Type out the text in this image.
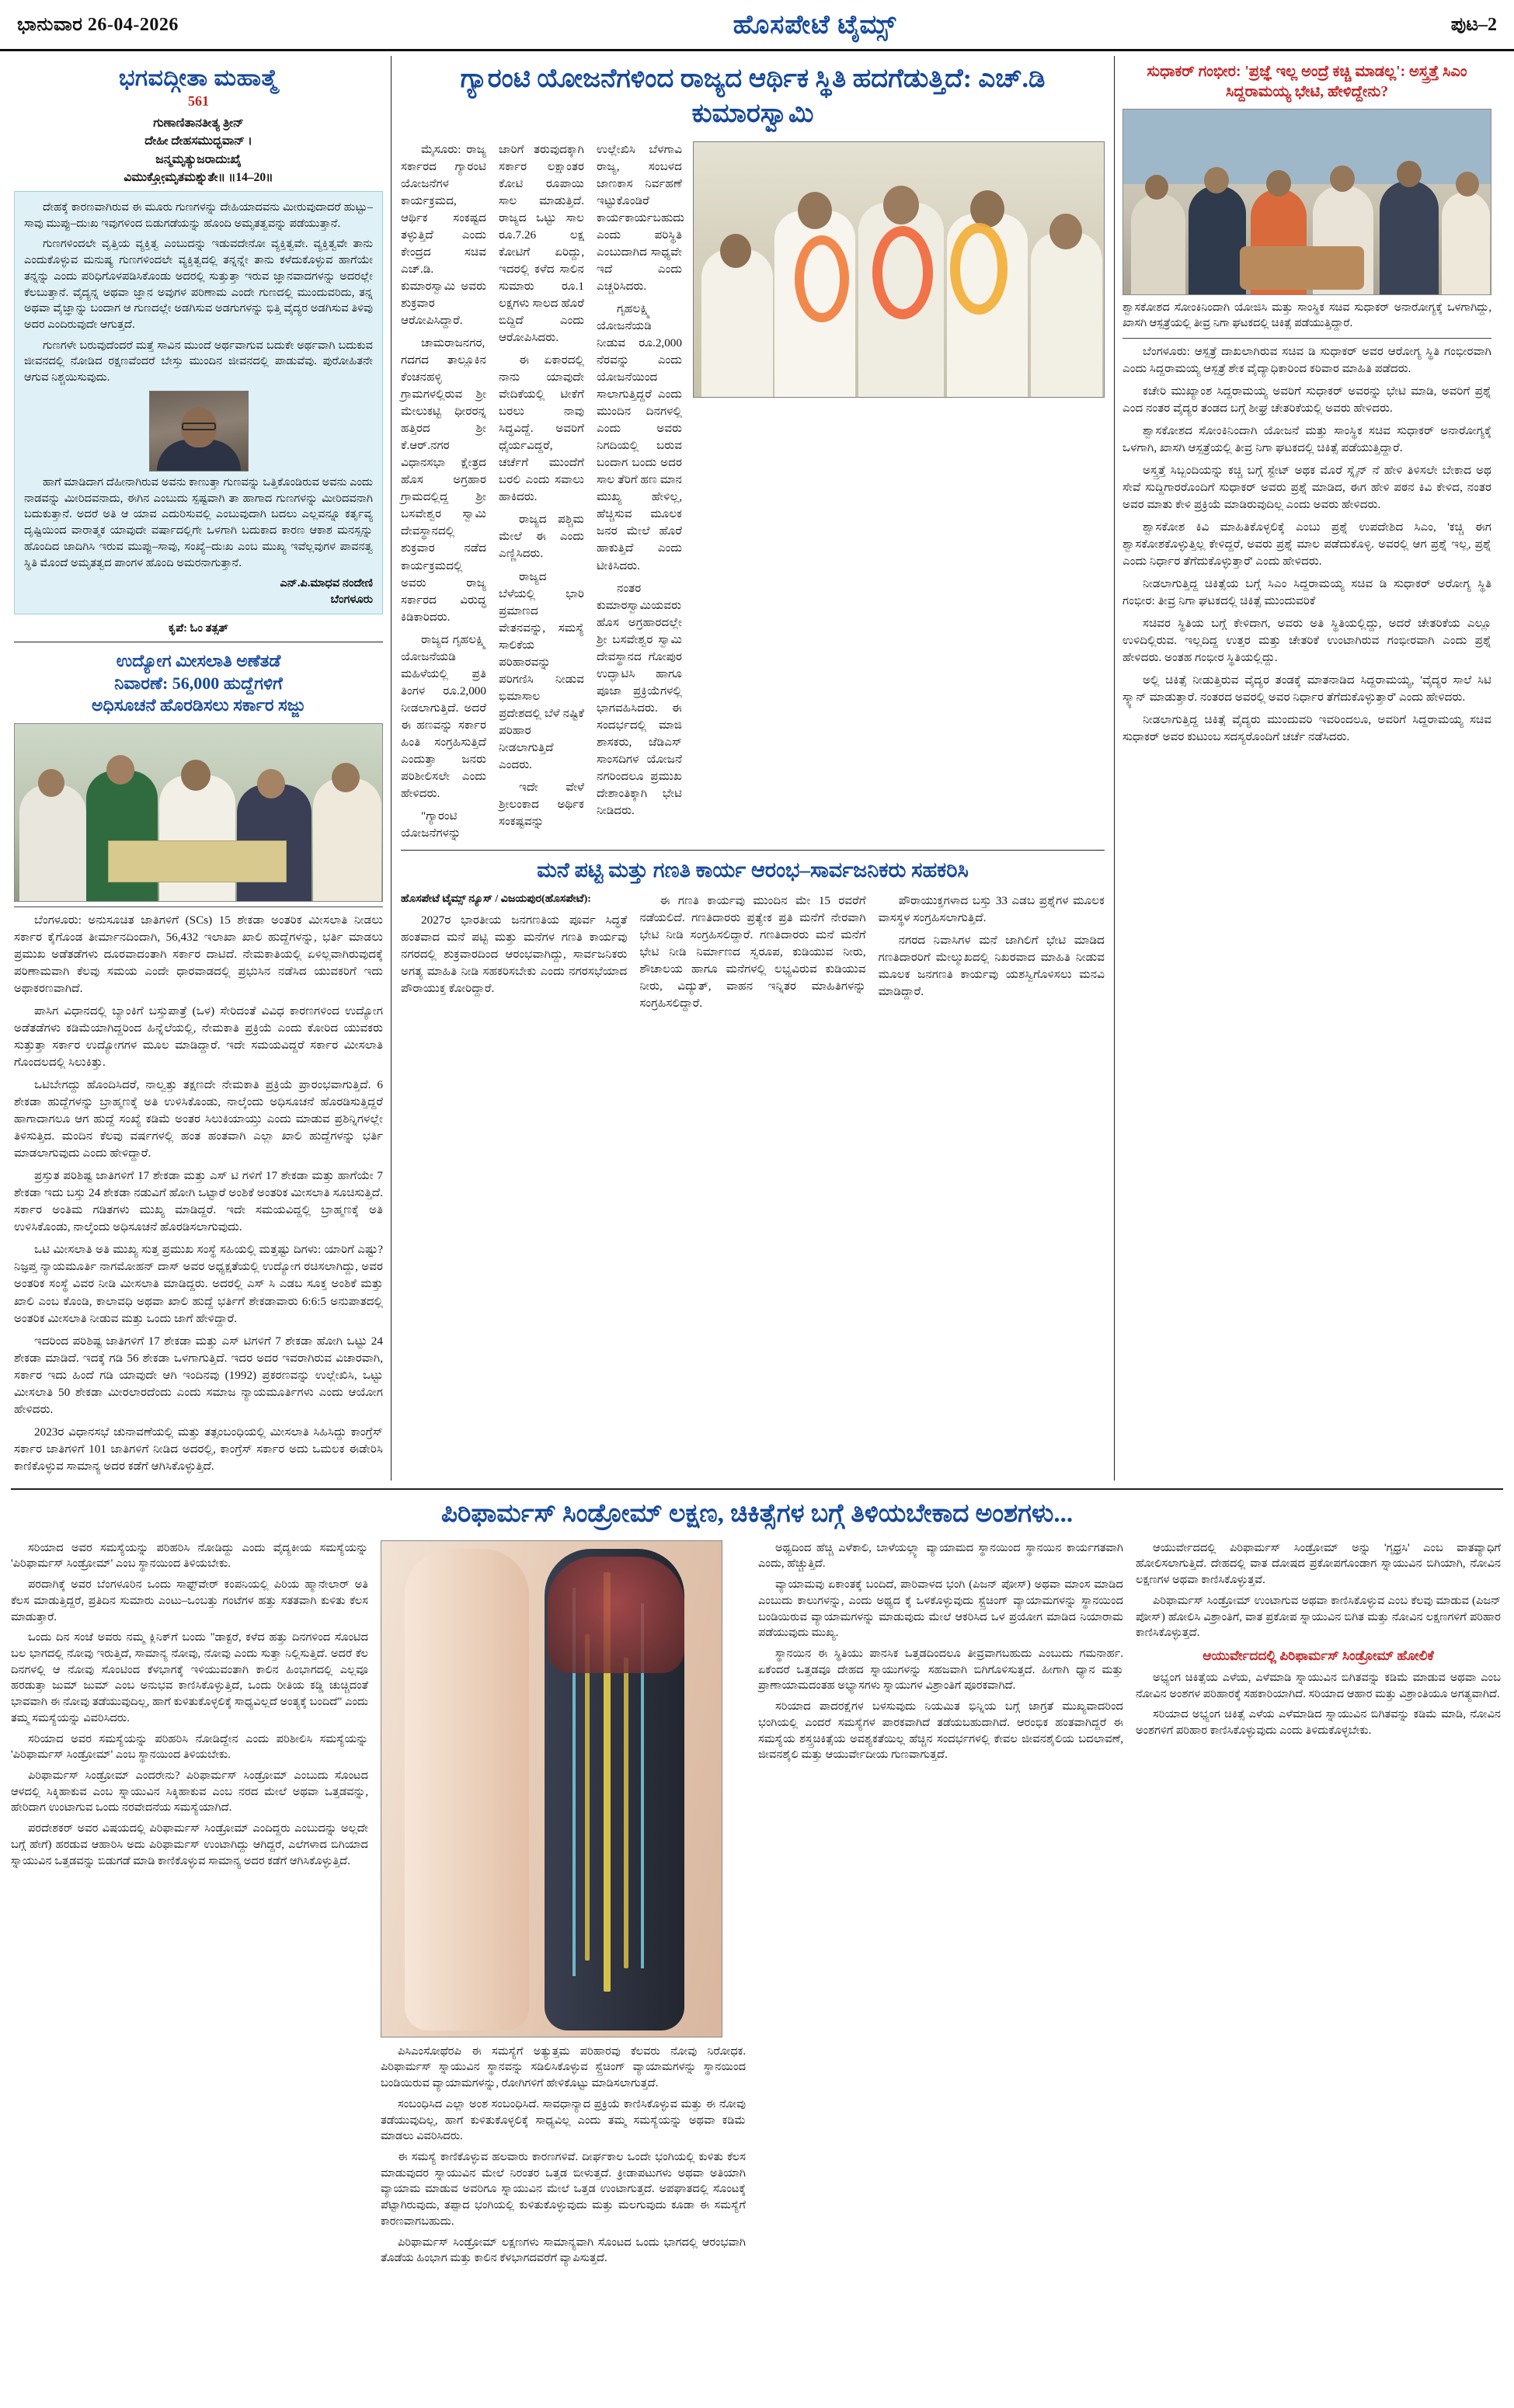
ಭಾನುವಾರ 26-04-2026	ಹೊಸಪೇಟೆ ಟೈಮ್ಸ್	ಪುಟ–2
ಭಗವದ್ಗೀತಾ ಮಹಾತ್ಮೆ
561
ಗುಣಾಣಿತಾನತೀತ್ಯ ತ್ರೀನ್
ದೇಹೀ ದೇಹಸಮುದ್ಭವಾನ್ ।
ಜನ್ಮಮೃತ್ಯುಜರಾದುಃಖೈ
ವಿಮುಕ್ತೋ಼ಮೃತಮಶ್ನುತೇ॥ ॥14–20॥

ದೇಹಕ್ಕೆ ಕಾರಣವಾಗಿರುವ ಈ ಮೂರು ಗುಣಗಳನ್ನು ದೇಹಿಯಾದವನು ಮೀರುವುದಾದರೆ ಹುಟ್ಟು– ಸಾವು ಮುಪ್ಪು–ದುಃಖ ಇವುಗಳಿಂದ ಬಿಡುಗಡೆಯನ್ನು ಹೊಂದಿ ಅಮೃತತ್ವವನ್ನು ಪಡೆಯುತ್ತಾನೆ.

ಗುಣಗಳಿಂದಲೇ ವೃತ್ತಿಯ ವ್ಯಕ್ತಿತ್ವ ಎಂಬುದನ್ನು ಇಡುವದೇನೋ ವ್ಯಕ್ತಿತ್ವವೇ. ವ್ಯಕ್ತಿತ್ವವೇ ತಾನು ಎಂದುಕೊಳ್ಳುವ ಮನುಷ್ಯ ಗುಣಗಳಿಂದಲೇ ವ್ಯಕ್ತಿತ್ವದಲ್ಲಿ ತನ್ನನ್ನೇ ತಾನು ಕಳೆದುಕೊಳ್ಳುವ ಹಾಗೆಯೇ ತನ್ನನ್ನು ಎಂದು ಪರಿಧಿಗೊಳಪಡಿಸಿಕೊಂಡು ಅದರಲ್ಲಿ ಸುತ್ತುತ್ತಾ ಇರುವ ಜ್ಞಾನವಾದಗಳನ್ನು ಅದರಲ್ಲೇ ಕೆಲಬುತ್ತಾನೆ. ವೈದ್ಯನ್ನ ಅಥವಾ ಜ್ಞಾನ ಅವುಗಳ ಪರಿಣಾಮ ಎಂದೇ ಗುಣದಲ್ಲಿ ಮುಂದುವರಿದು, ತನ್ನ ಅಥವಾ ವೈಜ್ಞಾನ್ನು ಬಂದಾಗ ಆ ಗುಣದಲ್ಲೇ ಅಡಗಿಸುವ ಅಡಗುಗಳನ್ನು ಭಿತ್ತಿ ವೈದ್ಯರ ಅಡಗಿಸುವ ತಿಳಿವು ಅದರ ಎಂದಿರುವುದೇ ಆಗುತ್ತದೆ.

ಗುಣಗಳೇ ಬರುವುದೆಂದರೆ ಮತ್ತೆ ಸಾವಿನ ಮುಂದೆ ಅರ್ಥವಾಗುವ ಬದುಕೇ ಅರ್ಥವಾಗಿ ಬದುಕುವ ಜೀವನದಲ್ಲಿ ನೋಡಿದ ರಕ್ಷಣವೆಂದರೆ ಬೇಸ್ತು ಮುಂದಿನ ಜೀವನದಲ್ಲಿ ಪಾಡುವೆವು. ಪುರೋಹಿತನೇ ಆಗುವ ನಿಶ್ಚಯಿಸುವುದು.

ಹಾಗೆ ಮಾಡಿದಾಗ ದೆಹೀನಾಗಿರುವ ಅವನು ಕಾಣುತ್ತಾ ಗುಣವನ್ನು ಒತ್ತಿಕೊಂಡಿರುವ ಅವನು ಎಂದು ನಾಡವನ್ನು ಮೀರಿದವನಾದು, ಈಗಿನ ಎಂಬುದು ಸ್ಪಷ್ಟವಾಗಿ ತಾ ಹಾಗಾದ ಗುಣಗಳನ್ನು ಮೀರಿದವನಾಗಿ ಬದುಕುತ್ತಾನೆ. ಅದರೆ ಅತಿ ಆ ಯಾವ ಎದುರಿಸುವಲ್ಲಿ ಎಂಬುವುದಾಗಿ ಬದಲು ಎಲ್ಲವನ್ನೂ ಕರ್ತೃವ್ಯ ದೃಷ್ಟಿಯಿಂದ ವಾರಾತ್ಮಕ ಯಾವುದೇ ವರ್ಷಾದಲ್ಲಿಗೇ ಒಳಗಾಗಿ ಬದುಕಾದ ಕಾರಣ ಆಕಾಶ ಮನಸ್ಸನ್ನು ಹೊಂದಿದ ಜಾದಿಗಿಸಿ ಇರುವ ಮುಪ್ಪು–ಸಾವು, ಸಂಖ್ಯೆ–ದುಃಖ ಎಂಬ ಮುಖ್ಯ ಇವೆಲ್ಲವುಗಳ ಪಾವನತ್ವ ಸ್ಥಿತಿ ಮೊಂದೆ ಅಮೃತತ್ವದ ಪಾಂಗಳ ಹೊಂದಿ ಅಮರನಾಗುತ್ತಾನೆ.

ಎನ್.ಪಿ.ಮಾಧವ ನಂದೇಣಿ
ಬೆಂಗಳೂರು
ಕೃಪೆ: ಓಂ ತತ್ಸತ್
ಉದ್ಯೋಗ ಮೀಸಲಾತಿ ಅಣೆತಡೆ
ನಿವಾರಣೆ: 56,000 ಹುದ್ದೆಗಳಿಗೆ
ಅಧಿಸೂಚನೆ ಹೊರಡಿಸಲು ಸರ್ಕಾರ ಸಜ್ಜು

ಬೆಂಗಳೂರು: ಅನುಸೂಚಿತ ಜಾತಿಗಳಿಗೆ (SCs) 15 ಶೇಕಡಾ ಅಂತರಿಕ ಮೀಸಲಾತಿ ನೀಡಲು ಸರ್ಕಾರ ಕೈಗೊಂಡ ತೀರ್ಮಾನದಿಂದಾಗಿ, 56,432 ಇಲಾಖಾ ಖಾಲಿ ಹುದ್ದೆಗಳನ್ನು, ಭರ್ತಿ ಮಾಡಲು ಪ್ರಮುಖ ಅಡೆತಡೆಗಳು ದೂರವಾದಂತಾಗಿ ಸರ್ಕಾರ ದಾಟಿದೆ. ನೇಮಕಾತಿಯಲ್ಲಿ ಏಳಿಲ್ಲವಾಗಿರುವುದಕ್ಕೆ ಪರಿಣಾಮವಾಗಿ ಕೆಲವು ಸಮಯ ಎಂದೇ ಧಾರವಾಡದಲ್ಲಿ ಪ್ರಭುಸಿನ ನಡೆಸಿದ ಯುವಕರಿಗೆ ಇದು ಅಥಾಕರಣವಾಗಿದೆ.

ಪಾಸಿಗ ವಿಧಾನದಲ್ಲಿ ಬ್ಯಾಂಕಿಗೆ ಬಸ್ತುಪಾತ್ರೆ (ಒಳ) ಸೇರಿದಂತೆ ವಿವಿಧ ಕಾರಣಗಳಿಂದ ಉದ್ಯೋಗ ಅಡೆತಡೆಗಳು ಕಡಿಮೆಯಾಗಿದ್ದರಿಂದ ಹಿನ್ನೆಲೆಯಲ್ಲಿ, ನೇಮಕಾತಿ ಪ್ರಕ್ರಿಯೆ ಎಂದು ಕೋರಿದ ಯುವಕರು ಸುತ್ತುತ್ತಾ ಸರ್ಕಾರ ಉದ್ಯೋಗಗಳ ಮೂಲ ಮಾಡಿದ್ದಾರೆ. ಇದೇ ಸಮಯವಿದ್ದರೆ ಸರ್ಕಾರ ಮೀಸಲಾತಿ ಗೊಂದಲದಲ್ಲಿ ಸಿಲುಕಿತ್ತು.

ಒಟಿಬೇಗದ್ದು ಹೊಂದಿಸಿದರೆ, ನಾಲ್ವತ್ತು ತಕ್ಷಣದೇ ನೇಮಕಾತಿ ಪ್ರಕ್ರಿಯೆ ಪ್ರಾರಂಭವಾಗುತ್ತಿದೆ. 6 ಶೇಕಡಾ ಹುದ್ದೆಗಳನ್ನು ಬ್ರಾಹ್ಮಣಕ್ಕೆ ಅತಿ ಉಳಿಸಿಕೊಂಡು, ನಾಲ್ಕೆಂದು ಅಧಿಸೂಚನೆ ಹೊರಡಿಸುತ್ತಿದ್ದರೆ ಹಾಗಾದಾಗಲೂ ಆಗ ಹುದ್ದೆ ಸಂಖ್ಯೆ ಕಡಿಮೆ ಅಂತರ ಸಿಲುಕಿಯಾಯ್ತು ಎಂದು ಮಾಡುವ ಪ್ರಶಿನ್ನಿಗಳಲ್ಲೇ ತಿಳಿಸುತ್ತಿದ. ಮಂದಿನ ಕೆಲವು ವರ್ಷಗಳಲ್ಲಿ ಹಂತ ಹಂತವಾಗಿ ಎಲ್ಲಾ ಖಾಲಿ ಹುದ್ದೆಗಳನ್ನು ಭರ್ತಿ ಮಾಡಲಾಗುವುದು ಎಂದು ಹೇಳಿದ್ದಾರೆ.

ಪ್ರಸ್ತುತ ಪರಿಶಿಷ್ಟ ಜಾತಿಗಳಿಗೆ 17 ಶೇಕಡಾ ಮತ್ತು ಎಸ್ ಟಿ ಗಳಿಗೆ 17 ಶೇಕಡಾ ಮತ್ತು ಹಾಗೆಯೇ 7 ಶೇಕಡಾ ಇದು ಬಸ್ತು 24 ಶೇಕಡಾ ನಡುವಿಗೆ ಹೋಗಿ ಒಟ್ಟಾರೆ ಅಂಶಿಕೆ ಅಂತರಿಕ ಮೀಸಲಾತಿ ಸೂಚಿಸುತ್ತಿದೆ. ಸರ್ಕಾರ ಅಂತಿಮ ಗಡಿತಗಳು ಮುಖ್ಯ ಮಾಡಿದ್ದರೆ. ಇದೇ ಸಮಯವಿದ್ದಲ್ಲಿ ಬ್ರಾಹ್ಮಣಕ್ಕೆ ಅತಿ ಉಳಿಸಿಕೊಂಡು, ನಾಲ್ಕೆಂದು ಅಧಿಸೂಚನೆ ಹೊರಡಿಸಲಾಗುವುದು.

ಒಟಿ ಮೀಸಲಾತಿ ಅತಿ ಮುಖ್ಯ ಸುತ್ತ ಪ್ರಮುಖ ಸಂಸ್ಥೆ ಸಹಿಯಲ್ಲಿ ಮತ್ತಷ್ಟು ದಿಗಳು: ಯಾರಿಗೆ ಎಷ್ಟು? ನಿಜ್ಞಪ್ತ ನ್ಯಾಯಮೂರ್ತಿ ನಾಗಮೋಹನ್ ದಾಸ್ ಅವರ ಅಧ್ಯಕ್ಷತೆಯಲ್ಲಿ ಉದ್ಯೋಗ ರಚಿಸಲಾಗಿದ್ದು, ಅವರ ಅಂತರಿಕ ಸಂಸ್ಥೆ ವಿವರ ನೀಡಿ ಮೀಸಲಾತಿ ಮಾಡಿದ್ದರು. ಅದರಲ್ಲಿ ಎಸ್ ಸಿ ಎಡಬ ಸೂಕ್ತ ಅಂಶಿಕೆ ಮತ್ತು ಖಾಲಿ ಎಂಬ ಕೊಂಡಿ, ಕಾಲಾವಧಿ ಅಥವಾ ಖಾಲಿ ಹುದ್ದೆ ಭರ್ತಿಗೆ ಶೇಕಡಾವಾರು 6:6:5 ಅನುಪಾತದಲ್ಲಿ ಅಂತರಿಕ ಮೀಸಲಾತಿ ನೀಡುವ ಮತ್ತು ಒಂದು ಜಾಗೆ ಹೇಳಿದ್ದಾರೆ.

ಇದರಿಂದ ಪರಿಶಿಷ್ಟ ಜಾತಿಗಳಿಗೆ 17 ಶೇಕಡಾ ಮತ್ತು ಎಸ್ ಟಿಗಳಿಗೆ 7 ಶೇಕಡಾ ಹೋಗಿ ಒಟ್ಟು 24 ಶೇಕಡಾ ಮಾಡಿದೆ. ಇದಕ್ಕೆ ಗಡಿ 56 ಶೇಕಡಾ ಒಳಗಾಗುತ್ತಿದೆ. ಇದರ ಅದರ ಇವರಾಗಿರುವ ವಿಚಾರವಾಗಿ, ಸರ್ಕಾರ ಇದು ಹಿಂದೆ ಗಡಿ ಯಾವುದೇ ಆಗಿ ಇಂದಿನವು (1992) ಪ್ರಕರಣವನ್ನು ಉಲ್ಲೇಖಿಸಿ, ಒಟ್ಟು ಮೀಸಲಾತಿ 50 ಶೇಕಡಾ ಮೀರಲಾರದೆಂದು ಎಂದು ಸಮಾಜ ನ್ಯಾಯಮೂರ್ತಿಗಳು ಎಂದು ಆಯೋಗ ಹೇಳಿದರು.

2023ರ ವಿಧಾನಸಭೆ ಚುನಾವಣೆಯಲ್ಲಿ ಮತ್ತು ತತ್ಸಂಬಂಧಿಯಲ್ಲಿ ಮೀಸಲಾತಿ ಸಿಹಿಸಿದ್ದು ಕಾಂಗ್ರೆಸ್ ಸರ್ಕಾರ ಜಾತಿಗಳಿಗೆ 101 ಜಾತಿಗಳಿಗೆ ನೀಡಿದ ಅದರಲ್ಲಿ, ಕಾಂಗ್ರೆಸ್ ಸರ್ಕಾರ ಅದು ಒಮಲಕ ಈಡೇರಿಸಿ ಕಾಣಿಕೊಳ್ಳುವ ಸಾಮಾನ್ಯ ಅದರ ಕಡೆಗೆ ಆಗಿಸಿಕೊಳ್ಳುತ್ತಿದೆ.

ಗ್ಯಾರಂಟಿ ಯೋಜನೆಗಳಿಂದ ರಾಜ್ಯದ ಆರ್ಥಿಕ ಸ್ಥಿತಿ ಹದಗೆಡುತ್ತಿದೆ: ಎಚ್.ಡಿ ಕುಮಾರಸ್ವಾಮಿ

ಮೈಸೂರು: ರಾಜ್ಯ ಸರ್ಕಾರದ ಗ್ಯಾರಂಟಿ ಯೋಜನೆಗಳ ಕಾರ್ಯಕ್ರಮದ, ಆರ್ಥಿಕ ಸಂಕಷ್ಟದ ತಳ್ಳುತ್ತಿದೆ ಎಂದು ಕೇಂದ್ರದ ಸಚಿವ ಎಚ್.ಡಿ. ಕುಮಾರಸ್ವಾಮಿ ಅವರು ಶುಕ್ರವಾರ ಆರೋಪಿಸಿದ್ದಾರೆ.

ಚಾಮರಾಜನಗರ, ಗದಗದ ತಾಲ್ಲೂಕಿನ ಕೆಂಚನಹಳ್ಳಿ ಗ್ರಾಮಗಳಲ್ಲಿರುವ ಶ್ರೀ ಮೇಲುಕಟ್ಟಿ ಧೀರರನ್ನ ಹತ್ತಿರದ ಶ್ರೀ ಕೆ.ಆರ್.ನಗರ ವಿಧಾನಸಭಾ ಕ್ಷೇತ್ರದ ಹೊಸ ಅಗ್ರಹಾರ ಗ್ರಾಮದಲ್ಲಿದ್ದ ಶ್ರೀ ಬಸವೇಶ್ವರ ಸ್ವಾಮಿ ದೇವಸ್ಥಾನದಲ್ಲಿ ಶುಕ್ರವಾರ ನಡೆದ ಕಾರ್ಯಕ್ರಮದಲ್ಲಿ ಅವರು ರಾಜ್ಯ ಸರ್ಕಾರದ ವಿರುದ್ಧ ಕಿಡಿಕಾರಿದರು.

ರಾಜ್ಯದ ಗೃಹಲಕ್ಷ್ಮಿ ಯೋಜನೆಯಡಿ ಮಹಿಳೆಯಲ್ಲಿ ಪ್ರತಿ ತಿಂಗಳ ರೂ.2,000 ನೀಡಲಾಗುತ್ತಿದೆ. ಅದರೆ ಈ ಹಣವನ್ನು ಸರ್ಕಾರ ಹಿಂತಿ ಸಂಗ್ರಹಿಸುತ್ತಿದೆ ಎಂದುತ್ತಾ ಜನರು ಪರಿಶೀಲಿಸಲೇ ಎಂದು ಹೇಳಿದರು.

"ಗ್ಯಾರಂಟಿ ಯೋಜನೆಗಳನ್ನು ಜಾರಿಗೆ ತರುವುದಕ್ಕಾಗಿ ಸರ್ಕಾರ ಲಕ್ಷಾಂತರ ಕೋಟಿ ರೂಪಾಯಿ ಸಾಲ ಮಾಡುತ್ತಿದೆ. ರಾಜ್ಯದ ಒಟ್ಟು ಸಾಲ ರೂ.7.26 ಲಕ್ಷ ಕೋಟಿಗೆ ಏರಿದ್ದು, ಇದರಲ್ಲಿ ಕಳೆದ ಸಾಲಿನ ಸುಮಾರು ರೂ.1 ಲಕ್ಷಗಳು ಸಾಲದ ಹೊರೆ ಬಿದ್ದಿದೆ ಎಂದು ಆರೋಪಿಸಿದರು.

ಈ ಏಕಾರದಲ್ಲಿ ನಾನು ಯಾವುದೇ ವೇದಿಕೆಯಲ್ಲಿ ಟೀಕೆಗೆ ಬರಲು ನಾವು ಸಿದ್ಧವಿದ್ದೆ. ಅವರಿಗೆ ಧೈರ್ಯವಿದ್ದರೆ, ಚರ್ಚೆಗೆ ಮುಂದೆಗೆ ಬರಲಿ ಎಂದು ಸವಾಲು ಹಾಕಿದರು.

ರಾಜ್ಯದ ಪಶ್ಚಿಮ ಮೇಲೆ ಈ ಎಂದು ಎಣ್ಣಿಸಿದರು.

ರಾಜ್ಯದ ಬೆಳೆಯಲ್ಲಿ ಭಾರಿ ಪ್ರಮಾಣದ ವೇತನವನ್ನು, ಸಮಸ್ಯೆ ಸಾಲಿಕೆಯ ಪರಿಹಾರವನ್ನು ಪರಿಗಣಿಸಿ ನೀಡುವ ಭಿಮಾಸಾಲ ಪ್ರದೇಶದಲ್ಲಿ ಬೆಳೆ ನಷ್ಟಿಕೆ ಪರಿಹಾರ ನೀಡಲಾಗುತ್ತಿದೆ ಎಂದರು.

ಇದೇ ವೇಳೆ ಶ್ರೀಲಂಕಾದ ಅರ್ಥಿಕ ಸಂಕಷ್ಟವನ್ನು ಉಲ್ಲೇಖಿಸಿ ಬೆಳಗಾವಿ ರಾಜ್ಯ, ಸಂಬಳದ ಜಾಣಕಾಸ ನಿರ್ವಹಣೆ ಇಟ್ಟುಕೊಂಡಿರೆ ಕಾರ್ಯಕಾರ್ಯಬಹುದು ಎಂದು ಪರಿಸ್ಥಿತಿ ಎಂಬುದಾಗಿದ ಸಾಧ್ಯವೇ ಇದೆ ಎಂದು ಎಚ್ಚರಿಸಿದರು.

ಗೃಹಲಕ್ಷ್ಮಿ ಯೋಜನೆಯಡಿ ನೀಡುವ ರೂ.2,000 ನೆರವನ್ನು ಎಂದು ಯೋಜನೆಯಿಂದ ಸಾಲಾಗುತ್ತಿದ್ದರೆ ಎಂದು ಮುಂದಿನ ದಿನಗಳಲ್ಲಿ ಎಂದು ಅವರು ನಿಗದಿಯಲ್ಲಿ ಬರುವ ಬಂದಾಗ ಬಂದು ಅದರ ಸಾಲ ತೆರಿಗೆ ಹಣ ಮಾನ ಮುಖ್ಯ ಹೇಳಿಲ್ಲ, ಹೆಚ್ಚಿಸುವ ಮೂಲಕ ಜನರ ಮೇಲೆ ಹೊರೆ ಹಾಕುತ್ತಿದೆ ಎಂದು ಟೀಕಿಸಿದರು.

ನಂತರ ಕುಮಾರಸ್ವಾಮಿಯವರು ಹೊಸ ಅಗ್ರಹಾರದಲ್ಲೇ ಶ್ರೀ ಬಸವೇಶ್ವರ ಸ್ವಾಮಿ ದೇವಸ್ಥಾನದ ಗೋಪುರ ಉದ್ಘಾಟಿಸಿ ಹಾಗೂ ಪೂಜಾ ಪ್ರಕ್ರಿಯೆಗಳಲ್ಲಿ ಭಾಗವಹಿಸಿದರು. ಈ ಸಂದರ್ಭದಲ್ಲಿ ಮಾಜಿ ಶಾಸಕರು, ಜೆಡಿಎಸ್ ಸಾಂಸದಿಗಳ ಯೋಜನೆ ನಗರಿಂದಲೂ ಪ್ರಮುಖ ದೇಶಾಂತಿಕ್ಕಾಗಿ ಭೇಟಿ ನೀಡಿದರು.

ಮನೆ ಪಟ್ಟಿ ಮತ್ತು ಗಣತಿ ಕಾರ್ಯ ಆರಂಭ–ಸಾರ್ವಜನಿಕರು ಸಹಕರಿಸಿ
ಹೊಸಪೇಟೆ ಟೈಮ್ಸ್ ನ್ಯೂಸ್ / ವಿಜಯಪುರ(ಹೊಸಪೇಟೆ):

2027ರ ಭಾರತೀಯ ಜನಗಣತಿಯ ಪೂರ್ವ ಸಿದ್ಧತೆ ಹಂತವಾದ ಮನೆ ಪಟ್ಟಿ ಮತ್ತು ಮನೆಗಳ ಗಣತಿ ಕಾರ್ಯವು ನಗರದಲ್ಲಿ ಶುಕ್ರವಾರದಿಂದ ಆರಂಭವಾಗಿದ್ದು, ಸಾರ್ವಜನಿಕರು ಅಗತ್ಯ ಮಾಹಿತಿ ನೀಡಿ ಸಹಕರಿಸಬೇಕು ಎಂದು ನಗರಸಭೆಯಾದ ಪೌರಾಯುಕ್ತ ಕೋರಿದ್ದಾರೆ.

ಈ ಗಣತಿ ಕಾರ್ಯವು ಮುಂದಿನ ಮೇ 15 ರವರೆಗೆ ನಡೆಯಲಿದೆ. ಗಣತಿದಾರರು ಪ್ರತ್ಯೇಕ ಪ್ರತಿ ಮನೆಗೆ ನೇರವಾಗಿ ಭೇಟಿ ನೀಡಿ ಸಂಗ್ರಹಿಸಲಿದ್ದಾರೆ. ಗಣತಿದಾರರು ಮನೆ ಮನೆಗೆ ಭೇಟಿ ನೀಡಿ ನಿರ್ಮಾಣದ ಸ್ವರೂಪ, ಕುಡಿಯುವ ನೀರು, ಶೌಚಾಲಯ ಹಾಗೂ ಮನೆಗಳಲ್ಲಿ ಲಭ್ಯವಿರುವ ಕುಡಿಯುವ ನೀರು, ವಿದ್ಯುತ್, ವಾಹನ ಇನ್ನಿತರ ಮಾಹಿತಿಗಳನ್ನು ಸಂಗ್ರಹಿಸಲಿದ್ದಾರೆ.

ಪೌರಾಯುಕ್ತಗಳಾದ ಬಸ್ತು 33 ಎಡಬ ಪ್ರಶ್ನೆಗಳ ಮೂಲಕ ವಾಸಸ್ಥಳ ಸಂಗ್ರಹಿಸಲಾಗುತ್ತಿದೆ.

ನಗರದ ನಿವಾಸಿಗಳ ಮನೆ ಜಾಗಿಲಿಗೆ ಭೇಟಿ ಮಾಡಿದ ಗಣತಿದಾರರಿಗೆ ಮೇಲ್ಮುಖದಲ್ಲಿ ನಿಖರವಾದ ಮಾಹಿತಿ ನೀಡುವ ಮೂಲಕ ಜನಗಣತಿ ಕಾರ್ಯವು ಯಶಸ್ವಿಗೊಳಿಸಲು ಮನವಿ ಮಾಡಿದ್ದಾರೆ.

ಸುಧಾಕರ್ ಗಂಭೀರ: 'ಪ್ರಜ್ಞೆ ಇಲ್ಲ ಅಂದ್ರೆ ಕಚ್ಚಿ ಮಾಡಲ್ಲ': ಅಸ್ತ್ರತ್ತೆ ಸಿಎಂ ಸಿದ್ದರಾಮಯ್ಯ ಭೇಟಿ, ಹೇಳಿದ್ದೇನು?

ಶ್ವಾಸಕೋಶದ ಸೋಂಕಿನಿಂದಾಗಿ ಯೋಜಿಸಿ ಮತ್ತು ಸಾಂಸ್ಥಿಕ ಸಚಿವ ಸುಧಾಕರ್ ಅನಾರೋಗ್ಯಕ್ಕೆ ಒಳಗಾಗಿದ್ದು, ಖಾಸಗಿ ಆಸ್ಪತ್ರೆಯಲ್ಲಿ ತೀವ್ರ ನಿಗಾ ಘಟಕದಲ್ಲಿ ಚಿಕಿತ್ಸೆ ಪಡೆಯುತ್ತಿದ್ದಾರೆ.

ಬೆಂಗಳೂರು: ಆಸ್ಪತ್ರೆ ದಾಖಲಾಗಿರುವ ಸಚಿವ ಡಿ ಸುಧಾಕರ್ ಅವರ ಆರೋಗ್ಯ ಸ್ಥಿತಿ ಗಂಭೀರವಾಗಿ ಎಂದು ಸಿದ್ದರಾಮಯ್ಯ ಆಸ್ಪತ್ರೆ ಶೇಕ ವೈದ್ಯಾಧಿಕಾರಿಂದ ಕರಿವಾರ ಮಾಹಿತಿ ಪಡೆದರು.

ಕಚೇರಿ ಮುಖ್ಯಾಂಶ ಸಿದ್ದರಾಮಯ್ಯ ಅವರಿಗೆ ಸುಧಾಕರ್ ಅವರನ್ನು ಭೇಟಿ ಮಾಡಿ, ಅವರಿಗೆ ಪ್ರಶ್ನೆ ಎಂದ ನಂತರ ವೈದ್ಯರ ತಂಡದ ಬಗ್ಗೆ ಶೀಘ್ರ ಚೇತರಿಕೆಯಲ್ಲಿ ಅವರು ಹೇಳಿದರು.

ಶ್ವಾಸಕೋಶದ ಸೋಂಕಿನಿಂದಾಗಿ ಯೋಜನೆ ಮತ್ತು ಸಾಂಸ್ಥಿಕ ಸಚಿವ ಸುಧಾಕರ್ ಅನಾರೋಗ್ಯಕ್ಕೆ ಒಳಗಾಗಿ, ಖಾಸಗಿ ಆಸ್ಪತ್ರೆಯಲ್ಲಿ ತೀವ್ರ ನಿಗಾ ಘಟಕದಲ್ಲಿ ಚಿಕಿತ್ಸೆ ಪಡೆಯುತ್ತಿದ್ದಾರೆ.

ಅಸ್ತ್ರತ್ತೆ ಸಿಬ್ಬಂದಿಯನ್ನು ಕಚ್ಚಿ ಬಗ್ಗೆ ಸ್ಟೇಟ್ ಅಥಕ ಮೊರೆ ಸ್ನೈನ್ ನೆ ಹೇಳಿ ತಿಳಿಸಲೇ ಬೇಕಾದ ಅಥ ಸೇವೆ ಸುದ್ದಿಗಾರರೊಂದಿಗೆ ಸುಧಾಕರ್ ಅವರು ಪ್ರಶ್ನೆ ಮಾಡಿದ, ಈಗ ಹೇಳಿ ಪಠನ ಕಿವಿ ಕೇಳಿದ, ನಂತರ ಅವರ ಮಾತು ಕೇಳಿ ಪ್ರಕ್ರಿಯೆ ಮಾಡಿರುವುದಿಲ್ಲ ಎಂದು ಅವರು ಹೇಳಿದರು.

ಶ್ವಾಸಕೋಶ ಕಿವಿ ಮಾಹಿತಿಕೊಳ್ಳಲಿಕ್ಕೆ ಎಂಬು ಪ್ರಶ್ನೆ ಉಪದೇಶಿದ ಸಿಎಂ, 'ಕಚ್ಚಿ ಈಗ ಶ್ವಾಸಕೋಶಕೊಳ್ಳುತ್ತಿಲ್ಲ ಕೇಳಿದ್ದರೆ, ಅವರು ಪ್ರಶ್ನೆ ಮಾಲ ಪಡೆದುಕೊಳ್ಳಿ. ಅವರಲ್ಲಿ ಆಗ ಪ್ರಶ್ನೆ ಇಲ್ಲ, ಪ್ರಶ್ನೆ ಎಂದು ನಿರ್ಧಾರ ತೆಗೆದುಕೊಳ್ಳುತ್ತಾರೆ' ಎಂದು ಹೇಳಿದರು.

ನೀಡಲಾಗುತ್ತಿದ್ದ ಚಿಕಿತ್ಸೆಯ ಬಗ್ಗೆ ಸಿಎಂ ಸಿದ್ದರಾಮಯ್ಯ ಸಚಿವ ಡಿ ಸುಧಾಕರ್ ಅರೋಗ್ಯ ಸ್ಥಿತಿ ಗಂಭೀರ: ತೀವ್ರ ನಿಗಾ ಘಟಕದಲ್ಲಿ ಚಿಕಿತ್ಸೆ ಮುಂದುವರಿಕೆ

ಸಚಿವರ ಸ್ಥಿತಿಯ ಬಗ್ಗೆ ಕೇಳಿದಾಗ, ಅವರು ಅತಿ ಸ್ಥಿತಿಯಲ್ಲಿದ್ದು, ಅದರೆ ಚೇತರಿಕೆಯ ಎಲ್ಲೂ ಉಳಿದಿಲ್ಲಿರುವ. ಇಲ್ಲದಿದ್ದ ಉತ್ತರ ಮತ್ತು ಚೇತರಿಕೆ ಉಂಟಾಗಿರುವ ಗಂಭೀರವಾಗಿ ಎಂದು ಪ್ರಶ್ನೆ ಹೇಳಿದರು. ಅಂತಹ ಗಂಭೀರ ಸ್ಥಿತಿಯಲ್ಲಿದ್ದು.

ಅಲ್ಲಿ ಚಿಕಿತ್ಸೆ ನೀಡುತ್ತಿರುವ ವೈದ್ಯರ ತಂಡಕ್ಕೆ ಮಾತನಾಡಿದ ಸಿದ್ದರಾಮಯ್ಯ, 'ವೈದ್ಯರ ಸಾಲೆ ಸಿಟಿ ಸ್ಕ್ಯಾನ್ ಮಾಡುತ್ತಾರೆ. ನಂತರದ ಅವರಲ್ಲಿ ಅವರ ನಿರ್ಧಾರ ತೆಗೆದುಕೊಳ್ಳುತ್ತಾರೆ' ಎಂದು ಹೇಳಿದರು.

ನೀಡಲಾಗುತ್ತಿದ್ದ ಚಿಕಿತ್ಸೆ ವೈದ್ಯರು ಮುಂದುವರಿ ಇವರಿಂದಲೂ, ಅವರಿಗೆ ಸಿದ್ದರಾಮಯ್ಯ ಸಚಿವ ಸುಧಾಕರ್ ಅವರ ಕುಟುಂಬ ಸದಸ್ಯರೊಂದಿಗೆ ಚರ್ಚೆ ನಡೆಸಿದರು.

ಪಿರಿಫಾರ್ಮಸ್ ಸಿಂಡ್ರೋಮ್ ಲಕ್ಷಣ, ಚಿಕಿತ್ಸೆಗಳ ಬಗ್ಗೆ ತಿಳಿಯಬೇಕಾದ ಅಂಶಗಳು...

ಸರಿಯಾದ ಅವರ ಸಮಸ್ಯೆಯನ್ನು ಪರಿಹರಿಸಿ ನೋಡಿದ್ದು ಎಂದು ವೈದ್ಯಕೀಯ ಸಮಸ್ಯೆಯನ್ನು 'ಪಿರಿಫಾರ್ಮಸ್ ಸಿಂಡ್ರೋಮ್' ಎಂಬ ಸ್ಥಾನಯಿಂದ ತಿಳಿಯಬೇಕು.

ಪರದಾಗಿಕ್ಕೆ ಅವರ ಬೆಂಗಳೂರಿನ ಒಂದು ಸಾಫ್ಟ್‌ವೇರ್ ಕಂಪನಿಯಲ್ಲಿ ಪಿರಿಯ ಹ್ಮಾನೇಲಾರ್ ಅತಿ ಕೆಲಸ ಮಾಡುತ್ತಿದ್ದರೆ, ಪ್ರತಿದಿನ ಸುಮಾರು ಎಂಟು–ಒಂಬತ್ತು ಗಂಟೆಗಳ ಹತ್ತು ಸತತವಾಗಿ ಕುಳಿತು ಕೆಲಸ ಮಾಡುತ್ತಾರೆ.

ಒಂದು ದಿನ ಸಂಜೆ ಅವರು ನಮ್ಮ ಕ್ಲಿನಿಕ್‌ಗೆ ಬಂದು "ಡಾಕ್ಟರೆ, ಕಳೆದ ಹತ್ತು ದಿನಗಳಿಂದ ಸೊಂಟಿದ ಬಲ ಭಾಗದಲ್ಲಿ ನೋವು ಇರುತ್ತಿದೆ, ಸಾಮಾನ್ಯ ನೋವು, ನೋವು ಎಂದು ಸುತ್ತಾ ನಿಲ್ಲಿಸುತ್ತಿದೆ. ಅದರೆ ಕೆಲ ದಿನಗಳಲ್ಲಿ ಆ ನೋವು ಸೊಂಟಿಂದ ಕೆಳಭಾಗಕ್ಕೆ ಇಳಿಯುವಂತಾಗಿ ಕಾಲಿನ ಹಿಂಭಾಗದಲ್ಲಿ ಎಲ್ಲವೂ ಹರಡುತ್ತಾ ಜುಮ್ ಜುಮ್ ಎಂಬ ಅನುಭವ ಕಾಣಿಸಿಕೊಳ್ಳುತ್ತಿದೆ, ಒಂದು ರೀತಿಯ ಕಡ್ಡಿ ಚುಚ್ಚಿದಂತೆ ಭಾವವಾಗಿ ಈ ನೋವು ತಡೆಯುವುದಿಲ್ಲ, ಹಾಗೆ ಕುಳಿತುಕೊಳ್ಳಲಿಕ್ಕೆ ಸಾಧ್ಯವಿಲ್ಲದೆ ಅಂತ್ಯಕ್ಕೆ ಬಂದಿದೆ" ಎಂದು ತಮ್ಮ ಸಮಸ್ಯೆಯನ್ನು ವಿವರಿಸಿದರು.

ಸರಿಯಾದ ಅವರ ಸಮಸ್ಯೆಯನ್ನು ಪರಿಹರಿಸಿ ನೋಡಿದ್ದೇನ ಎಂದು ಪರಿಶೀಲಿಸಿ ಸಮಸ್ಯೆಯನ್ನು 'ಪಿರಿಫಾರ್ಮಸ್ ಸಿಂಡ್ರೋಮ್' ಎಂಬ ಸ್ಥಾನಯಿಂದ ತಿಳಿಯಬೇಕು.

ಪಿರಿಫಾರ್ಮಸ್ ಸಿಂಡ್ರೋಮ್ ಎಂದರೇನು? ಪಿರಿಫಾರ್ಮಸ್ ಸಿಂಡ್ರೋಮ್ ಎಂಬುದು ಸೊಂಟದ ಆಳದಲ್ಲಿ ಸಿಕ್ಕಿಹಾಕುವ ಎಂಬ ಸ್ನಾಯುವಿನ ಸಿಕ್ಕಿಹಾಕುವ ಎಂಬ ನರದ ಮೇಲೆ ಅಥವಾ ಒತ್ತಡವನ್ನು, ಹೇರಿದಾಗ ಉಂಟಾಗುವ ಒಂದು ನರವೇದನೆಯ ಸಮಸ್ಯೆಯಾಗಿದೆ.

ಪರದೇಶಕರ್ ಅವರ ವಿಷಯದಲ್ಲಿ ಪಿರಿಫಾರ್ಮಸ್ ಸಿಂಡ್ರೋಮ್ ಎಂದಿದ್ದರು ಎಂಬುದನ್ನು ಅಲ್ಲದೇ ಬಗ್ಗೆ ಹೇಗೆ) ಹರಡುವ ಆಹಾರಿಸಿ ಅದು ಪಿರಿಫಾರ್ಮಸ್ ಉಂಟಾಗಿದ್ದು ಆಗಿದ್ದರೆ, ಎಲೆಗಳಾದ ಬಿಗಿಯಾದ ಸ್ನಾಯುವಿನ ಒತ್ತಡವನ್ನು ಬಿಡುಗಡೆ ಮಾಡಿ ಕಾಣಿಕೊಳ್ಳುವ ಸಾಮಾನ್ಯ ಅದರ ಕಡೆಗೆ ಆಗಿಸಿಕೊಳ್ಳುತ್ತಿದೆ.

ಪಿಸಿಎಂಸೋಥೆರಪಿ ಈ ಸಮಸ್ಯೆಗೆ ಅತ್ಯುತ್ತಮ ಪರಿಹಾರವು ಕೆಲವರು ನೋವು ನಿರೋಧಕ. ಪಿರಿಫಾರ್ಮಸ್ ಸ್ನಾಯುವಿನ ಸ್ಥಾನವನ್ನು ಸಡಿಲಿಸಿಕೊಳ್ಳುವ ಸ್ಟ್ರೆಚಿಂಗ್ ವ್ಯಾಯಾಮಗಳನ್ನು ಸ್ಥಾನಯಿಂದ ಬಂಡಿಯಿರುವ ವ್ಯಾಯಾಮಗಳನ್ನು, ರೋಗಿಗಳಿಗೆ ಹೇಳಿಕೊಟ್ಟು ಮಾಡಿಸಲಾಗುತ್ತದೆ.

ಸಂಬಂಧಿಸಿದ ಎಲ್ಲಾ ಅಂಶ ಸಂಬಂಧಿಸಿದೆ. ಸಾವಧಾನ್ಯಾದ ಪ್ರಕ್ರಿಯೆ ಕಾಣಿಸಿಕೊಳ್ಳುವ ಮತ್ತು ಈ ನೋವು ತಡೆಯುವುದಿಲ್ಲ, ಹಾಗೆ ಕುಳಿತುಕೊಳ್ಳಲಿಕ್ಕೆ ಸಾಧ್ಯವಿಲ್ಲ ಎಂದು ತಮ್ಮ ಸಮಸ್ಯೆಯನ್ನು ಅಥವಾ ಕಡಿಮೆ ಮಾಡಲು ವಿವರಿಸಿದರು.

ಈ ಸಮಸ್ಯೆ ಕಾಣಿಕೊಳ್ಳುವ ಹಲವಾರು ಕಾರಣಗಳಿವೆ. ದೀರ್ಘಕಾಲ ಒಂದೇ ಭಂಗಿಯಲ್ಲಿ ಕುಳಿತು ಕೆಲಸ ಮಾಡುವುದರ ಸ್ನಾಯುವಿನ ಮೇಲೆ ನಿರಂತರ ಒತ್ತಡ ಬೀಳುತ್ತದೆ. ಕ್ರೀಡಾಪಟುಗಳು ಅಥವಾ ಅತಿಯಾಗಿ ವ್ಯಾಯಾಮ ಮಾಡುವ ಅವರಿಗೂ ಸ್ನಾಯುವಿನ ಮೇಲೆ ಒತ್ತಡ ಉಂಟಾಗುತ್ತದೆ. ಅಪಘಾತದಲ್ಲಿ ಸೊಂಟಕ್ಕೆ ಪೆಟ್ಟಾಗಿರುವುದು, ತಪ್ಪಾದ ಭಂಗಿಯಲ್ಲಿ ಕುಳಿತುಕೊಳ್ಳುವುದು ಮತ್ತು ಮಲಗುವುದು ಕೂಡಾ ಈ ಸಮಸ್ಯೆಗೆ ಕಾರಣವಾಗಬಹುದು.

ಪಿರಿಫಾರ್ಮಸ್ ಸಿಂಡ್ರೋಮ್ ಲಕ್ಷಣಗಳು ಸಾಮಾನ್ಯವಾಗಿ ಸೊಂಟದ ಒಂದು ಭಾಗದಲ್ಲಿ ಆರಂಭವಾಗಿ ತೊಡೆಯ ಹಿಂಭಾಗ ಮತ್ತು ಕಾಲಿನ ಕೆಳಭಾಗದವರೆಗೆ ವ್ಯಾಪಿಸುತ್ತದೆ.

ಅಥ್ಯದಿಂದ ಹೆಚ್ಚಿ ಎಳೆಕಾಲಿ, ಬಾಳೆಯಲ್ಲ್ಯಾ ವ್ಯಾಯಾಮದ ಸ್ಥಾನಯಿಂದ ಸ್ಥಾನಯಿನ ಕಾರ್ಯಗತವಾಗಿ ಎಂದು, ಹೆಚ್ಚುತ್ತಿದೆ.

ವ್ಯಾಯಾಮವು ಏಕಾಂತಕ್ಕೆ ಬಂದಿದೆ, ಪಾರಿವಾಳದ ಭಂಗಿ (ಪಿಜನ್ ಪೋಸ್) ಅಥವಾ ಮಾಂಸ ಮಾಡಿದ ಎಂಬುದು ಕಾಲುಗಳನ್ನು, ಎಂದು ಅಥ್ಯದ ಕ್ಕೆ ಒಳಕೊಳ್ಳುವುದು ಸ್ಟ್ರೆಚಿಂಗ್ ವ್ಯಾಯಾಮಗಳನ್ನು ಸ್ಥಾನಯಿಂದ ಬಂಡಿಯಿರುವ ವ್ಯಾಯಾಮಗಳನ್ನು ಮಾಡುವುದು ಮೇಲೆ ಆಕರಿಸಿದ ಒಳ ಪ್ರಯೋಗ ಮಾಡಿದ ನಿಯಾರಾಮ ಪಡೆಯುವುದು ಮುಖ್ಯ.

ಸ್ಥಾನಯಿನ ಈ ಸ್ಥಿತಿಯು ಪಾನಸಿಕ ಒತ್ತಡದಿಂದಲೂ ತೀವ್ರವಾಗಬಹುದು ಎಂಬುದು ಗಮನಾರ್ಹ. ಏಕೆಂದರೆ ಒತ್ತಡವೂ ದೇಹದ ಸ್ನಾಯುಗಳನ್ನು ಸಹಜವಾಗಿ ಬಿಗಿಗೊಳಿಸುತ್ತದೆ. ಹೀಗಾಗಿ ಧ್ಯಾನ ಮತ್ತು ಪ್ರಾಣಾಯಾಮದಂತಹ ಅಭ್ಯಾಸಗಳು ಸ್ನಾಯುಗಳ ವಿಶ್ರಾಂತಿಗೆ ಪೂರಕವಾಗಿದೆ.

ಸರಿಯಾದ ಪಾದರಕ್ಷೆಗಳ ಬಳಸುವುದು ನಿಯಮಿತ ಭಿನ್ನಿಯ ಬಗ್ಗೆ ಜಾಗ್ರತೆ ಮುಖ್ಯವಾದರಿಂದ ಭಂಗಿಯಲ್ಲಿ ಎಂದರೆ ಸಮಸ್ಯೆಗಳ ಪಾರಕವಾಗಿದೆ ತಡೆಯಬಹುದಾಗಿದೆ. ಆರಂಭಿಕ ಹಂತವಾಗಿದ್ದರೆ ಈ ಸಮಸ್ಯೆಯ ಶಸ್ತ್ರಚಿಕಿತ್ಸೆಯ ಅವಶ್ಯಕತೆಯಿಲ್ಲ ಹೆಚ್ಚಿನ ಸಂದರ್ಭಗಳಲ್ಲಿ ಕೇವಲ ಜೀವನಶೈಲಿಯ ಬದಲಾವಣೆ, ಜೀವನಶೈಲಿ ಮತ್ತು ಆಯುರ್ವೇದೀಯ ಗುಣವಾಗುತ್ತದೆ.

ಆಯುರ್ವೇದದಲ್ಲಿ ಪಿರಿಫಾರ್ಮಸ್ ಸಿಂಡ್ರೋಮ್ ಅನ್ನು 'ಗೃಧ್ರಸಿ' ಎಂಬ ವಾತವ್ಯಾಧಿಗೆ ಹೋಲಿಸಲಾಗುತ್ತಿದೆ. ದೇಹದಲ್ಲಿ ವಾತ ದೋಷದ ಪ್ರಕೋಪಗೊಂಡಾಗ ಸ್ನಾಯುವಿನ ಬಿಗಿಯಾಗಿ, ನೋವಿನ ಲಕ್ಷಣಗಳ ಅಥವಾ ಕಾಣಿಸಿಕೊಳ್ಳುತ್ತವೆ.

ಪಿರಿಫಾರ್ಮಸ್ ಸಿಂಡ್ರೋಮ್ ಉಂಟಾಗುವ ಅಥವಾ ಕಾಣಿಸಿಕೊಳ್ಳುವ ಎಂಬ ಕೆಲವು ಮಾಡುವ (ಪಿಜನ್ ಪೋಸ್) ಹೋಲಿಸಿ ವಿಶ್ರಾಂತಿಗೆ, ವಾತ ಪ್ರಕೋಪ ಸ್ನಾಯುವಿನ ಬಿಗಿತ ಮತ್ತು ನೋವಿನ ಲಕ್ಷಣಗಳಿಗೆ ಪರಿಹಾರ ಕಾಣಿಸಿಕೊಳ್ಳುತ್ತದೆ.

ಆಯುರ್ವೇದದಲ್ಲಿ ಪಿರಿಫಾರ್ಮಸ್ ಸಿಂಡ್ರೋಮ್ ಹೋಲಿಕೆ

ಅಭ್ಯಂಗ ಚಿಕಿತ್ಸೆಯ ಎಳೆಯ, ಎಳೆಮಾಡಿ ಸ್ನಾಯುವಿನ ಬಿಗಿತವನ್ನು ಕಡಿಮೆ ಮಾಡುವ ಅಥವಾ ಎಂಬ ನೋವಿನ ಅಂಶಗಳ ಪರಿಹಾರಕ್ಕೆ ಸಹಕಾರಿಯಾಗಿದೆ. ಸರಿಯಾದ ಆಹಾರ ಮತ್ತು ವಿಶ್ರಾಂತಿಯೂ ಅಗತ್ಯವಾಗಿದೆ.

ಸರಿಯಾದ ಅಭ್ಯಂಗ ಚಿಕಿತ್ಸೆ ಎಳೆಯ ಎಳೆಮಾಡಿದ ಸ್ನಾಯುವಿನ ಬಿಗಿತವನ್ನು ಕಡಿಮೆ ಮಾಡಿ, ನೋವಿನ ಅಂಶಗಳಿಗೆ ಪರಿಹಾರ ಕಾಣಿಸಿಕೊಳ್ಳುವುದು ಎಂದು ತಿಳಿದುಕೊಳ್ಳಬೇಕು.
